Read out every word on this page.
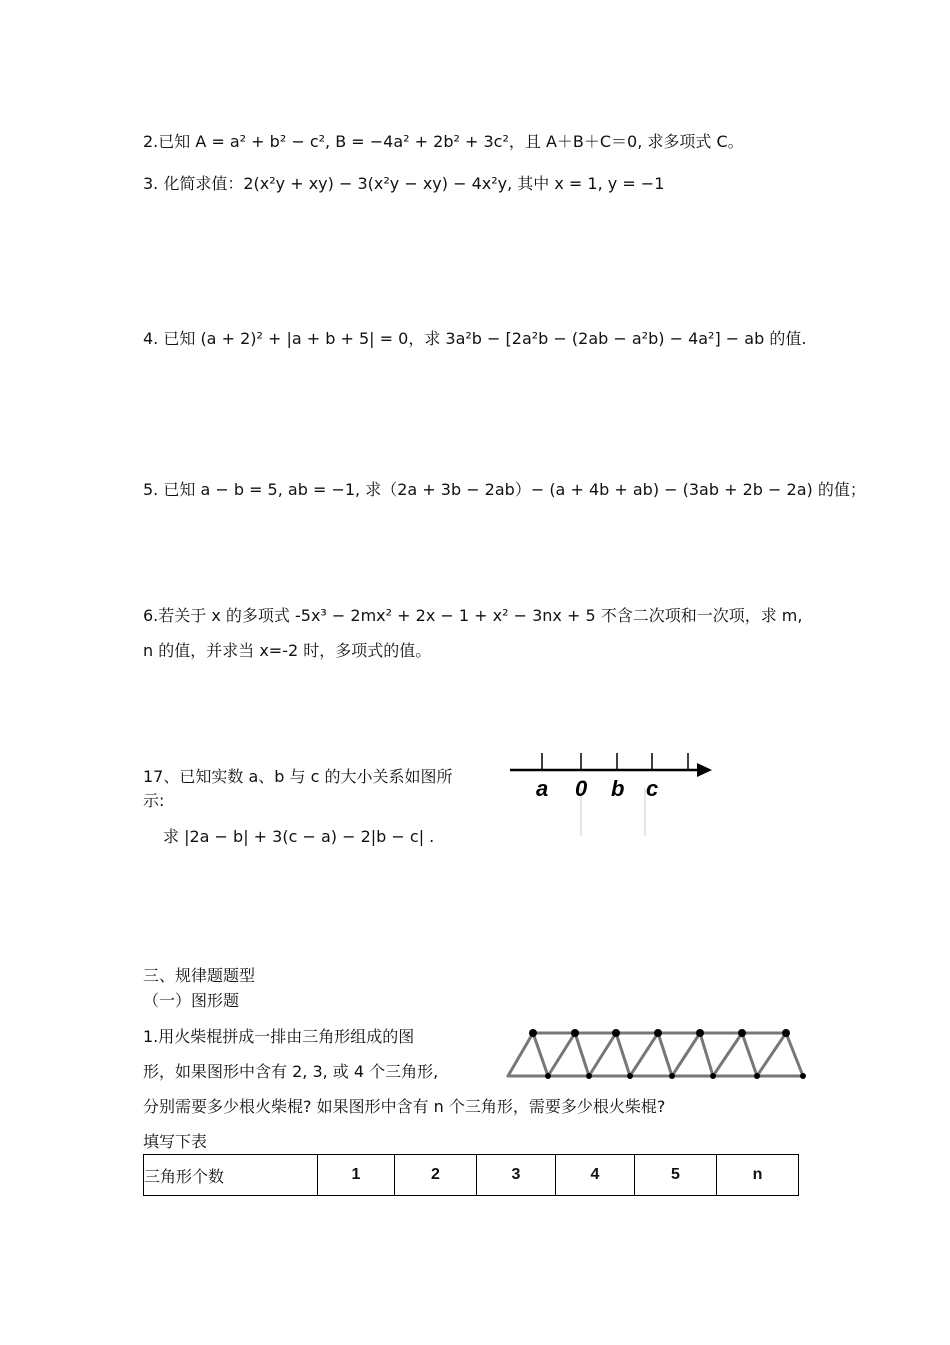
2.已知 A = a² + b² − c², B = −4a² + 2b² + 3c²，且 A＋B＋C＝0, 求多项式 C。
3. 化简求值：2(x²y + xy) − 3(x²y − xy) − 4x²y, 其中 x = 1, y = −1
4. 已知 (a + 2)² + |a + b + 5| = 0，求 3a²b − [2a²b − (2ab − a²b) − 4a²] − ab 的值.
5. 已知 a − b = 5, ab = −1, 求（2a + 3b − 2ab）− (a + 4b + ab) − (3ab + 2b − 2a) 的值；
6.若关于 x 的多项式 -5x³ − 2mx² + 2x − 1 + x² − 3nx + 5 不含二次项和一次项，求 m,
n 的值，并求当 x=-2 时，多项式的值。
17、已知实数 a、b 与 c 的大小关系如图所
示:
求 |2a − b| + 3(c − a) − 2|b − c| .
a 0 b c
三、规律题题型
（一）图形题
1.用火柴棍拼成一排由三角形组成的图
形，如果图形中含有 2, 3, 或 4 个三角形,
分别需要多少根火柴棍? 如果图形中含有 n 个三角形，需要多少根火柴棍?
填写下表
三角形个数	1	2	3	4	5	n
